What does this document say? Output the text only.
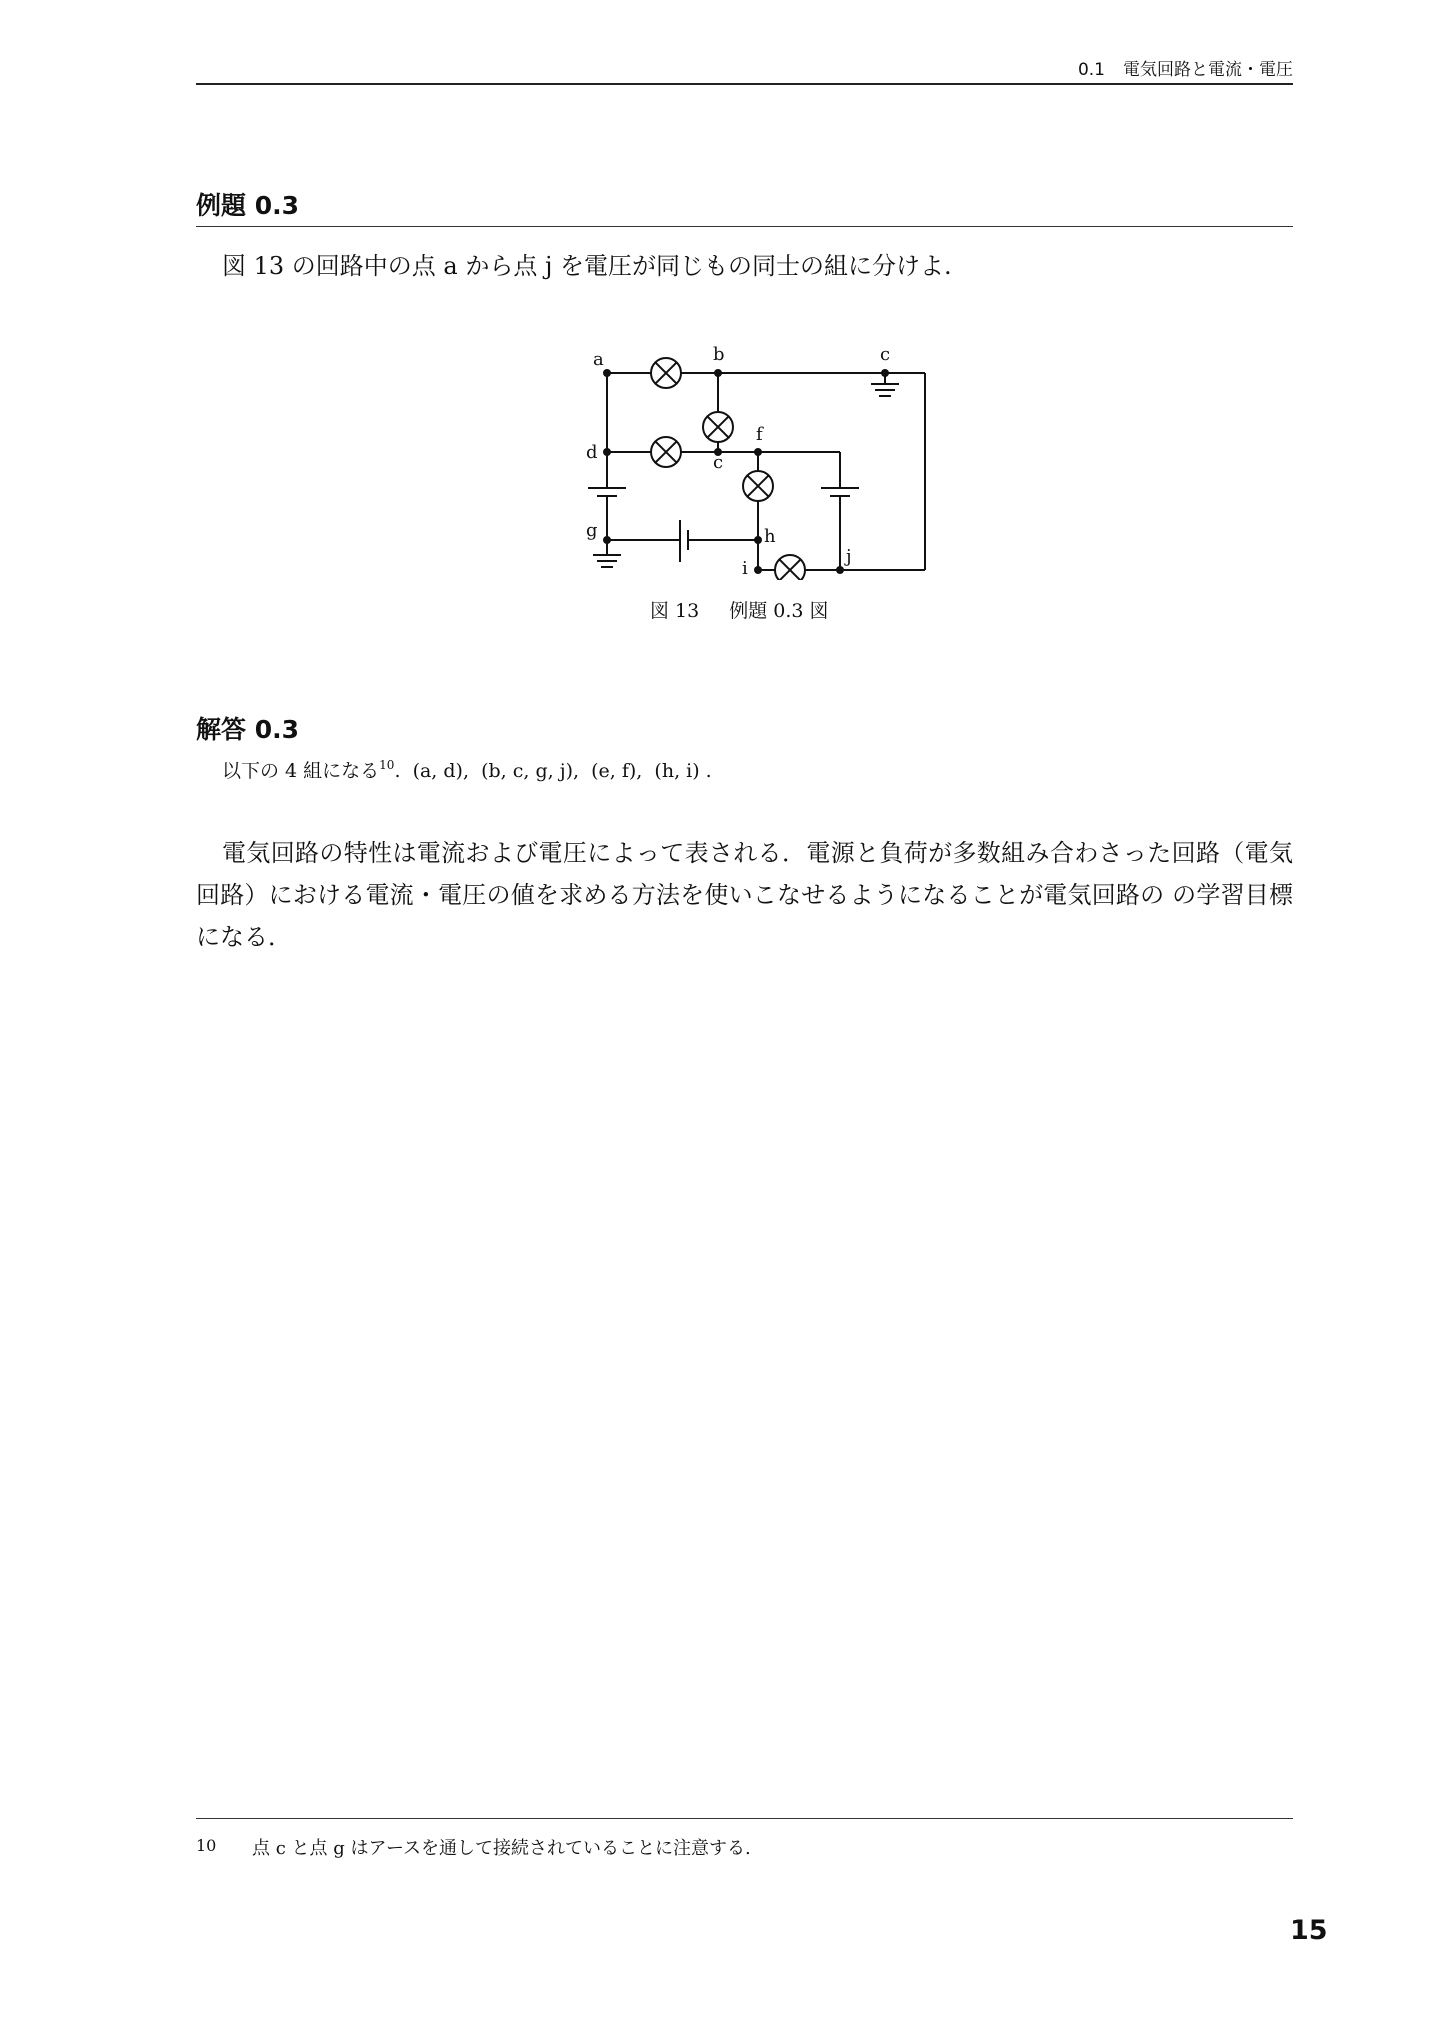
0.1 電気回路と電流・電圧
例題 0.3
図 13 の回路中の点 a から点 j を電圧が同じもの同士の組に分けよ.
a	b	c
d	c
f
g	h
i
j
図 13 例題 0.3 図
解答 0.3
以下の 4 組になる$^{10}$.  (a, d),  (b, c, g, j),  (e, f),  (h, i) .
電気回路の特性は電流および電圧によって表される．電源と負荷が多数組み合わさった回路（電気回路）における電流・電圧の値を求める方法を使いこなせるようになることが電気回路の の学習目標になる．
10 点 c と点 g はアースを通して接続されていることに注意する.
15
